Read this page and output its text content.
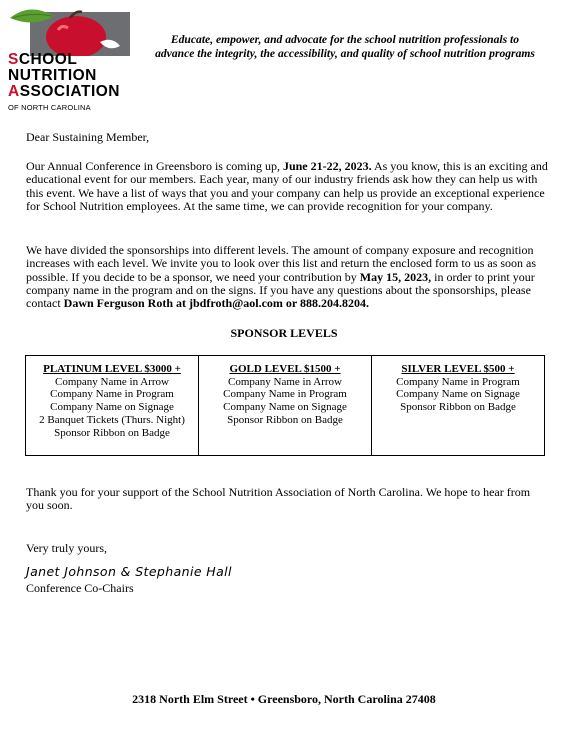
SCHOOL
NUTRITION
ASSOCIATION
OF NORTH CAROLINA
Educate, empower, and advocate for the school nutrition professionals to
advance the integrity, the accessibility, and quality of school nutrition programs

Dear Sustaining Member,

Our Annual Conference in Greensboro is coming up, June 21-22, 2023. As you know, this is an exciting and educational event for our members. Each year, many of our industry friends ask how they can help us with this event. We have a list of ways that you and your company can help us provide an exceptional experience for School Nutrition employees. At the same time, we can provide recognition for your company.

We have divided the sponsorships into different levels. The amount of company exposure and recognition increases with each level. We invite you to look over this list and return the enclosed form to us as soon as possible. If you decide to be a sponsor, we need your contribution by May 15, 2023, in order to print your company name in the program and on the signs. If you have any questions about the sponsorships, please contact Dawn Ferguson Roth at jbdfroth@aol.com or 888.204.8204.

SPONSOR LEVELS
PLATINUM LEVEL $3000 +
Company Name in Arrow
Company Name in Program
Company Name on Signage
2 Banquet Tickets (Thurs. Night)
Sponsor Ribbon on Badge
GOLD LEVEL $1500 +
Company Name in Arrow
Company Name in Program
Company Name on Signage
Sponsor Ribbon on Badge
SILVER LEVEL $500 +
Company Name in Program
Company Name on Signage
Sponsor Ribbon on Badge

Thank you for your support of the School Nutrition Association of North Carolina. We hope to hear from you soon.

Very truly yours,

Janet Johnson & Stephanie Hall

Conference Co-Chairs

2318 North Elm Street • Greensboro, North Carolina 27408
